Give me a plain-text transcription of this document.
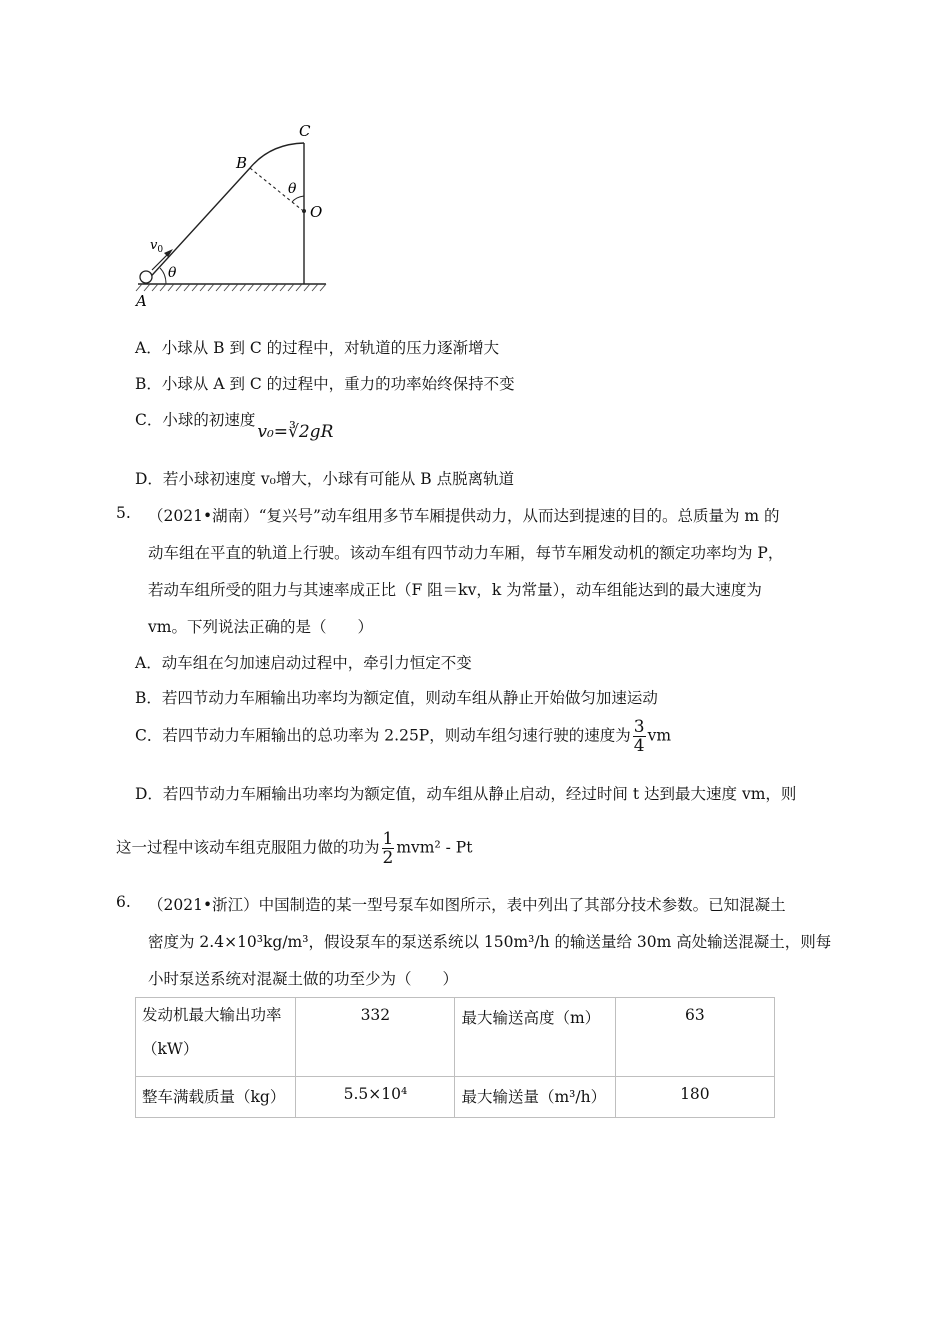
A
B
C
O
θ
θ
$v_0$
A．小球从 B 到 C 的过程中，对轨道的压力逐渐增大
B．小球从 A 到 C 的过程中，重力的功率始终保持不变
C．小球的初速度v₀=∛2gR
D．若小球初速度 v₀增大，小球有可能从 B 点脱离轨道
5. （2021•湖南）“复兴号”动车组用多节车厢提供动力，从而达到提速的目的。总质量为 m 的
动车组在平直的轨道上行驶。该动车组有四节动力车厢，每节车厢发动机的额定功率均为 P，
若动车组所受的阻力与其速率成正比（F 阻＝kv，k 为常量），动车组能达到的最大速度为
vm。下列说法正确的是（　　）
A．动车组在匀加速启动过程中，牵引力恒定不变
B．若四节动力车厢输出功率均为额定值，则动车组从静止开始做匀加速运动
C．若四节动力车厢输出的总功率为 2.25P，则动车组匀速行驶的速度为 $\frac{3}{4}$ vm
D．若四节动力车厢输出功率均为额定值，动车组从静止启动，经过时间 t 达到最大速度 vm，则
这一过程中该动车组克服阻力做的功为 $\frac{1}{2} mvm^2$ - Pt
6. （2021•浙江）中国制造的某一型号泵车如图所示，表中列出了其部分技术参数。已知混凝土
密度为 2.4×10³kg/m³，假设泵车的泵送系统以 150m³/h 的输送量给 30m 高处输送混凝土，则每
小时泵送系统对混凝土做的功至少为（　　）
发动机最大输出功率（kW）	332	最大输送高度（m）	63
整车满载质量（kg）	5.5×10⁴	最大输送量（m³/h）	180
